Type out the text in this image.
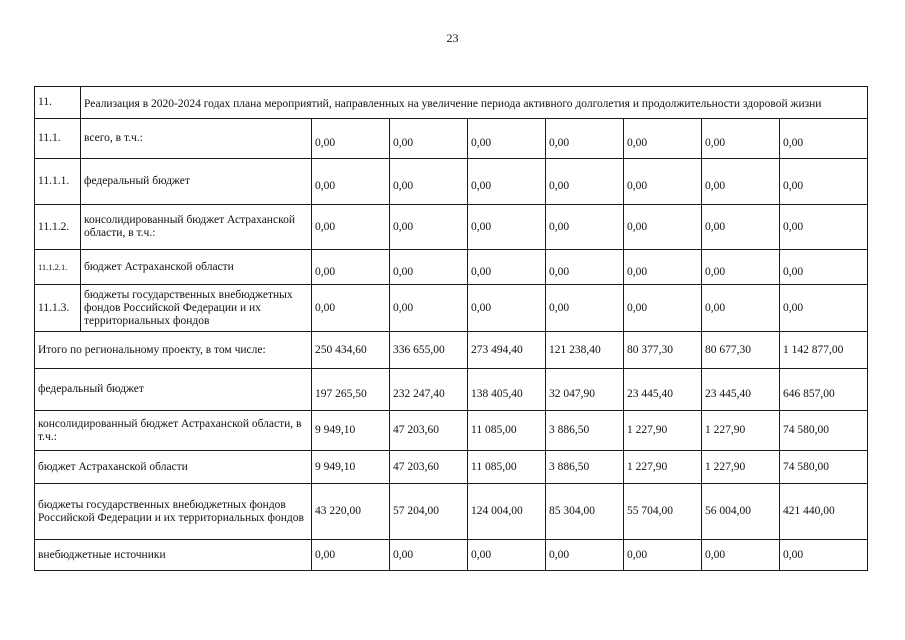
23
11.	Реализация в 2020-2024 годах плана мероприятий, направленных на увеличение периода активного долголетия и продолжительности здоровой жизни							
11.1.	всего, в т.ч.:	0,00	0,00	0,00	0,00	0,00	0,00	0,00
11.1.1.	федеральный бюджет	0,00	0,00	0,00	0,00	0,00	0,00	0,00
11.1.2.	консолидированный бюджет Астраханской области, в т.ч.:	0,00	0,00	0,00	0,00	0,00	0,00	0,00
11.1.2.1.	бюджет Астраханской области	0,00	0,00	0,00	0,00	0,00	0,00	0,00
11.1.3.	бюджеты государственных внебюджетных фондов Российской Федерации и их территориальных фондов	0,00	0,00	0,00	0,00	0,00	0,00	0,00
Итого по региональному проекту, в том числе:		250 434,60	336 655,00	273 494,40	121 238,40	80 377,30	80 677,30	1 142 877,00
федеральный бюджет		197 265,50	232 247,40	138 405,40	32 047,90	23 445,40	23 445,40	646 857,00
консолидированный бюджет Астраханской области, в т.ч.:		9 949,10	47 203,60	11 085,00	3 886,50	1 227,90	1 227,90	74 580,00
бюджет Астраханской области		9 949,10	47 203,60	11 085,00	3 886,50	1 227,90	1 227,90	74 580,00
бюджеты государственных внебюджетных фондов Российской Федерации и их территориальных фондов		43 220,00	57 204,00	124 004,00	85 304,00	55 704,00	56 004,00	421 440,00
внебюджетные источники		0,00	0,00	0,00	0,00	0,00	0,00	0,00
